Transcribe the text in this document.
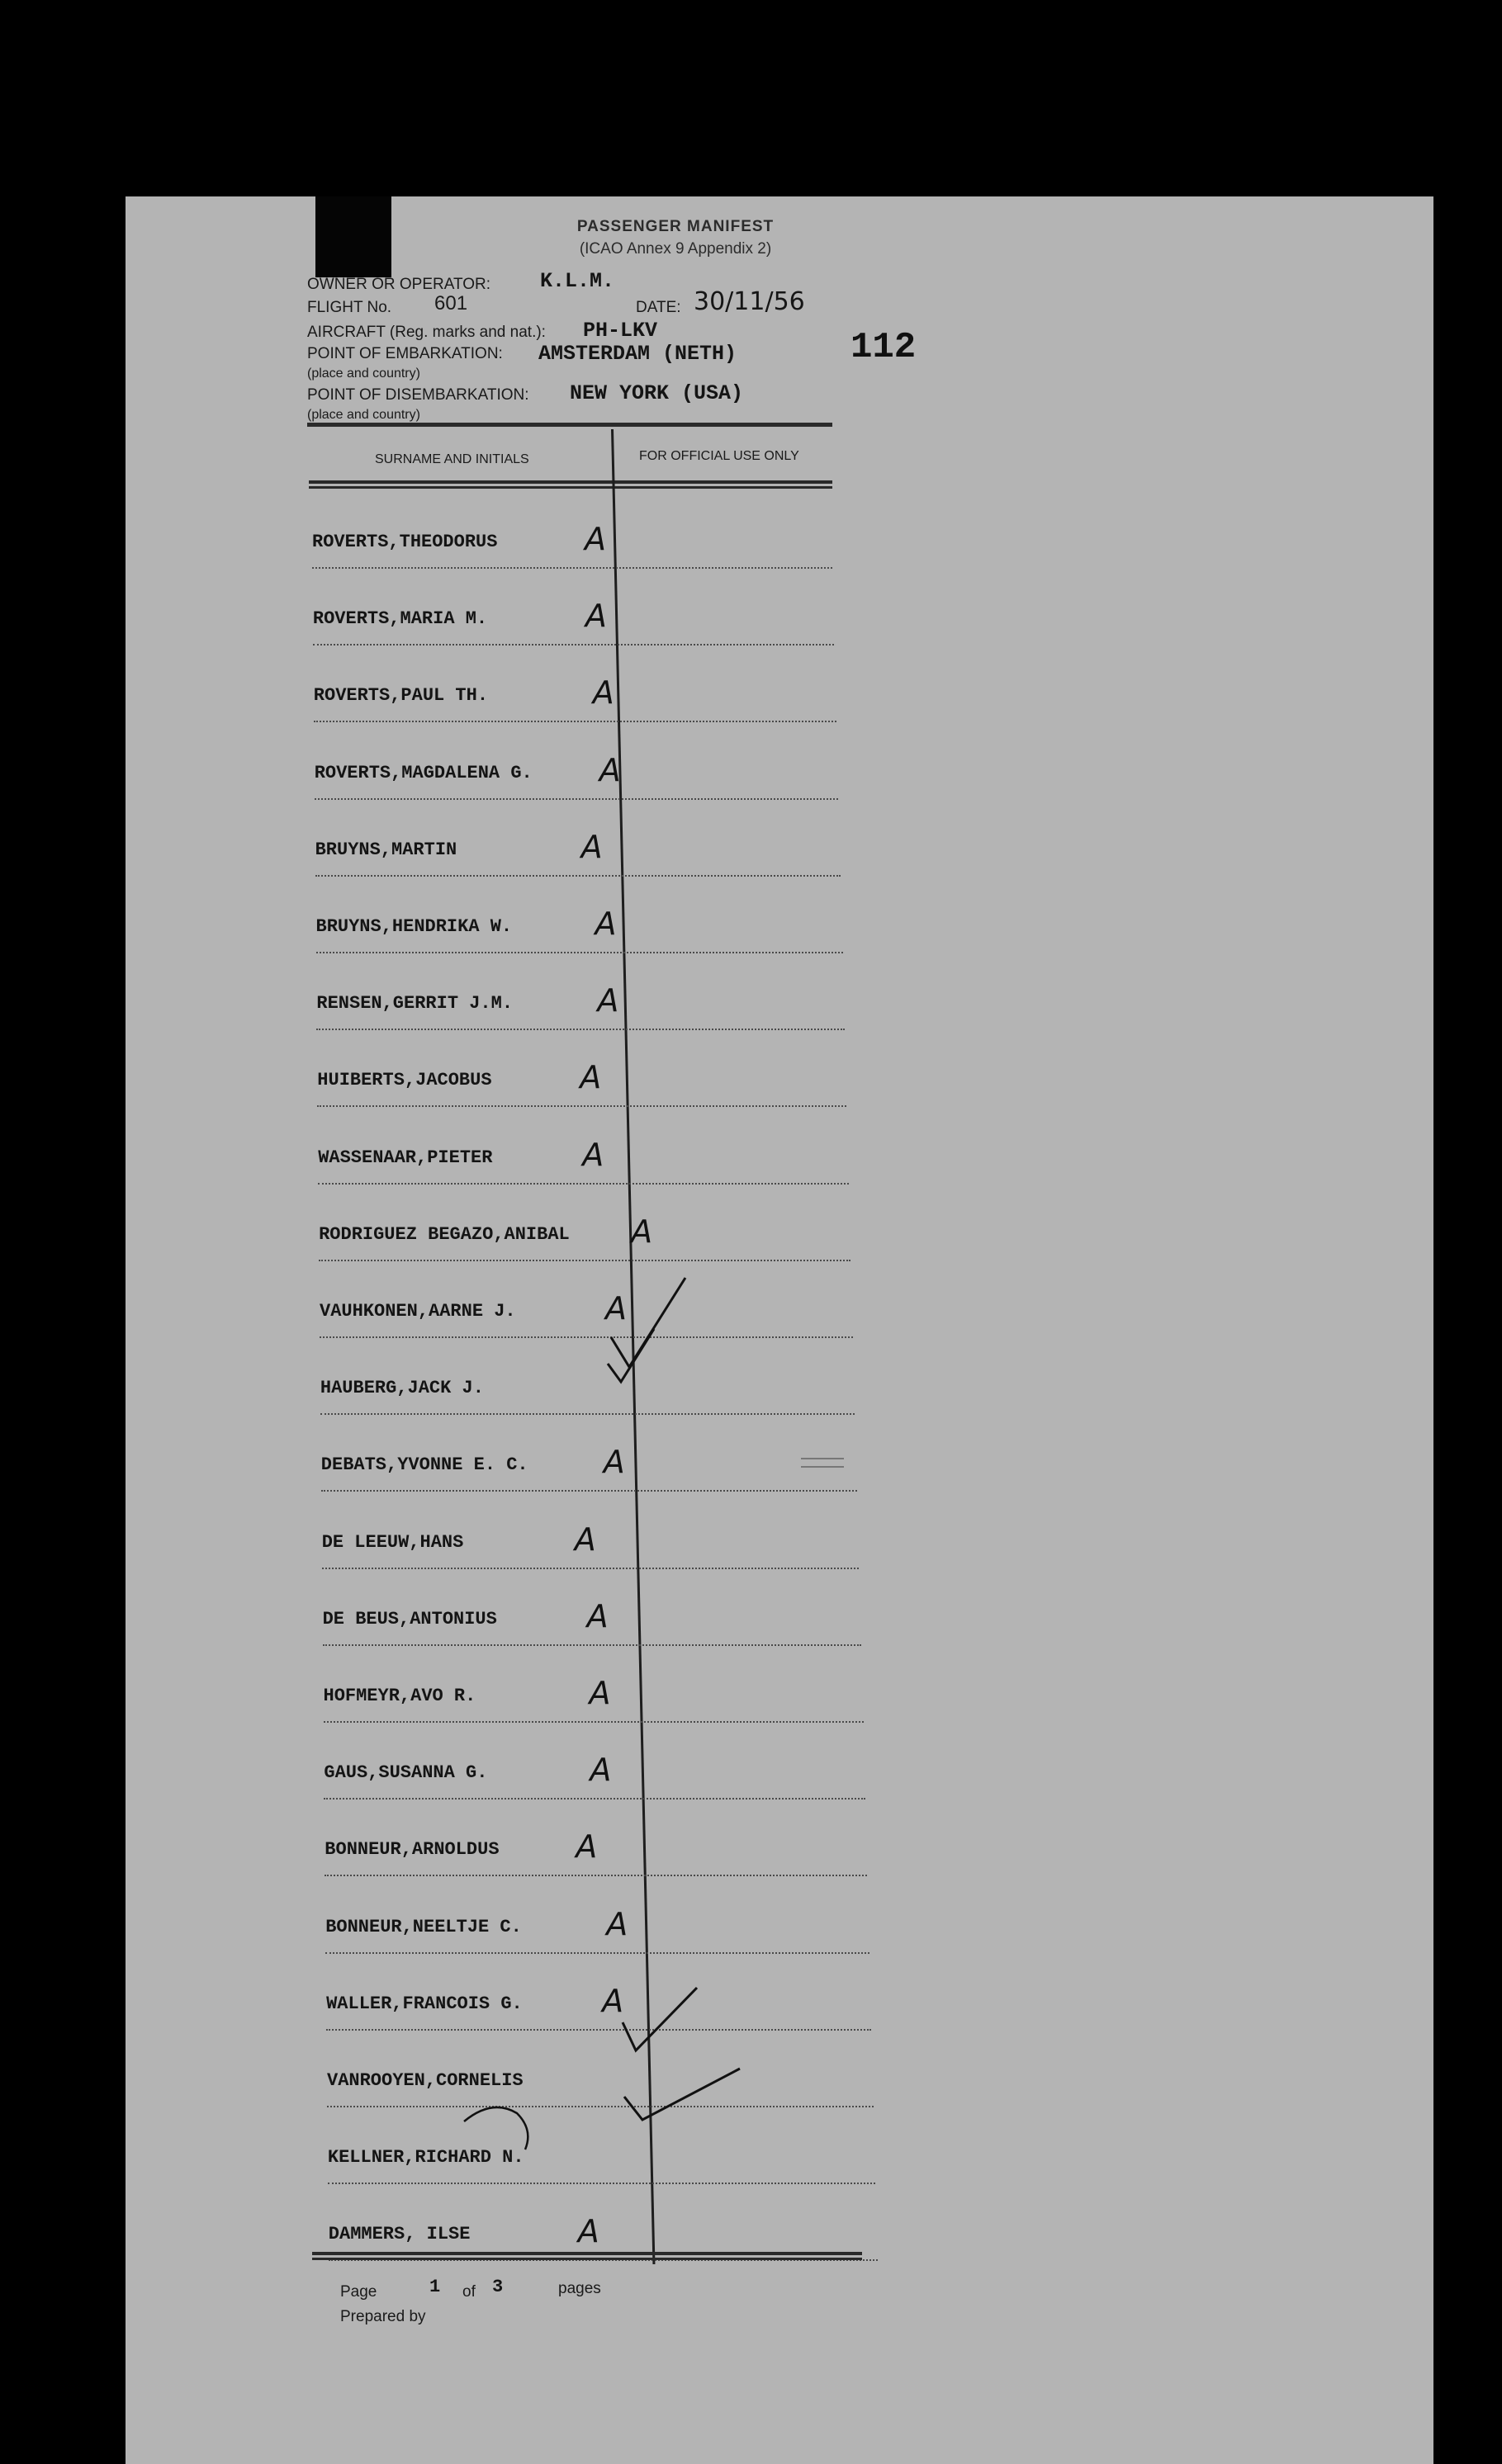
PASSENGER MANIFEST
(ICAO Annex 9 Appendix 2)
OWNER OR OPERATOR: K.L.M.
FLIGHT No. 601	DATE: 30/11/56
AIRCRAFT (Reg. marks and nat.): PH-LKV
POINT OF EMBARKATION: AMSTERDAM (NETH)
(place and country)
POINT OF DISEMBARKATION: NEW YORK (USA)
(place and country)
112
SURNAME AND INITIALS	FOR OFFICIAL USE ONLY
ROVERTS,THEODORUS	A
ROVERTS,MARIA M.	A
ROVERTS,PAUL TH.	A
ROVERTS,MAGDALENA G. A
BRUYNS,MARTIN	A
BRUYNS,HENDRIKA W.	A
RENSEN,GERRIT J.M.	A
HUIBERTS,JACOBUS	A
WASSENAAR,PIETER	A
RODRIGUEZ BEGAZO,ANIBAL A
VAUHKONEN,AARNE J.	A
HAUBERG,JACK J.
DEBATS,YVONNE E. C. A
DE LEEUW,HANS	A
DE BEUS,ANTONIUS	A
HOFMEYR,AVO R.	A
GAUS,SUSANNA G.	A
BONNEUR,ARNOLDUS A
BONNEUR,NEELTJE C.	A
WALLER,FRANCOIS G.	A
VANROOYEN,CORNELIS
KELLNER,RICHARD N.
DAMMERS, ILSE	A
Page	1 of 3	pages
Prepared by
